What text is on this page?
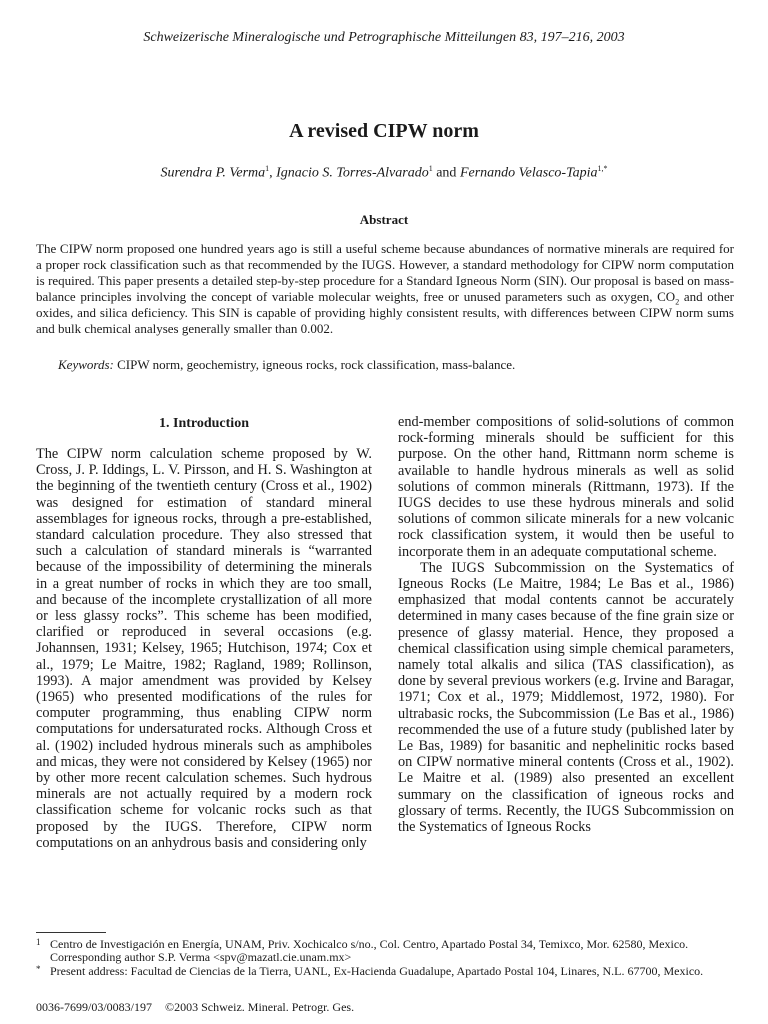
Schweizerische Mineralogische und Petrographische Mitteilungen 83, 197–216, 2003
A revised CIPW norm
Surendra P. Verma$^1$, Ignacio S. Torres-Alvarado$^1$ and Fernando Velasco-Tapia$^{1,*}$
Abstract
The CIPW norm proposed one hundred years ago is still a useful scheme because abundances of normative minerals are required for a proper rock classification such as that recommended by the IUGS. However, a standard methodology for CIPW norm computation is required. This paper presents a detailed step-by-step procedure for a Standard Igneous Norm (SIN). Our proposal is based on mass-balance principles involving the concept of variable molecular weights, free or unused parameters such as oxygen, $CO_2$ and other oxides, and silica deficiency. This SIN is capable of providing highly consistent results, with differences between CIPW norm sums and bulk chemical analyses generally smaller than 0.002.
Keywords: CIPW norm, geochemistry, igneous rocks, rock classification, mass-balance.
1. Introduction

The CIPW norm calculation scheme proposed by W. Cross, J. P. Iddings, L. V. Pirsson, and H. S. Washington at the beginning of the twentieth century (Cross et al., 1902) was designed for estimation of standard mineral assemblages for igneous rocks, through a pre-established, standard calculation procedure. They also stressed that such a calculation of standard minerals is “warranted because of the impossibility of determining the minerals in a great number of rocks in which they are too small, and because of the incomplete crystallization of all more or less glassy rocks”. This scheme has been modified, clarified or reproduced in several occasions (e.g. Johannsen, 1931; Kelsey, 1965; Hutchison, 1974; Cox et al., 1979; Le Maitre, 1982; Ragland, 1989; Rollinson, 1993). A major amendment was provided by Kelsey (1965) who presented modifications of the rules for computer programming, thus enabling CIPW norm computations for undersaturated rocks. Although Cross et al. (1902) included hydrous minerals such as amphiboles and micas, they were not considered by Kelsey (1965) nor by other more recent calculation schemes. Such hydrous minerals are not actually required by a modern rock classification scheme for volcanic rocks such as that proposed by the IUGS. Therefore, CIPW norm computations on an anhydrous basis and considering only

end-member compositions of solid-solutions of common rock-forming minerals should be sufficient for this purpose. On the other hand, Rittmann norm scheme is available to handle hydrous minerals as well as solid solutions of common minerals (Rittmann, 1973). If the IUGS decides to use these hydrous minerals and solid solutions of common silicate minerals for a new volcanic rock classification system, it would then be useful to incorporate them in an adequate computational scheme.

The IUGS Subcommission on the Systematics of Igneous Rocks (Le Maitre, 1984; Le Bas et al., 1986) emphasized that modal contents cannot be accurately determined in many cases because of the fine grain size or presence of glassy material. Hence, they proposed a chemical classification using simple chemical parameters, namely total alkalis and silica (TAS classification), as done by several previous workers (e.g. Irvine and Baragar, 1971; Cox et al., 1979; Middlemost, 1972, 1980). For ultrabasic rocks, the Subcommission (Le Bas et al., 1986) recommended the use of a future study (published later by Le Bas, 1989) for basanitic and nephelinitic rocks based on CIPW normative mineral contents (Cross et al., 1902). Le Maitre et al. (1989) also presented an excellent summary on the classification of igneous rocks and glossary of terms. Recently, the IUGS Subcommission on the Systematics of Igneous Rocks

1 Centro de Investigación en Energía, UNAM, Priv. Xochicalco s/no., Col. Centro, Apartado Postal 34, Temixco, Mor. 62580, Mexico. Corresponding author S.P. Verma <spv@mazatl.cie.unam.mx>
* Present address: Facultad de Ciencias de la Tierra, UANL, Ex-Hacienda Guadalupe, Apartado Postal 104, Linares, N.L. 67700, Mexico.
0036-7699/03/0083/197 ©2003 Schweiz. Mineral. Petrogr. Ges.
